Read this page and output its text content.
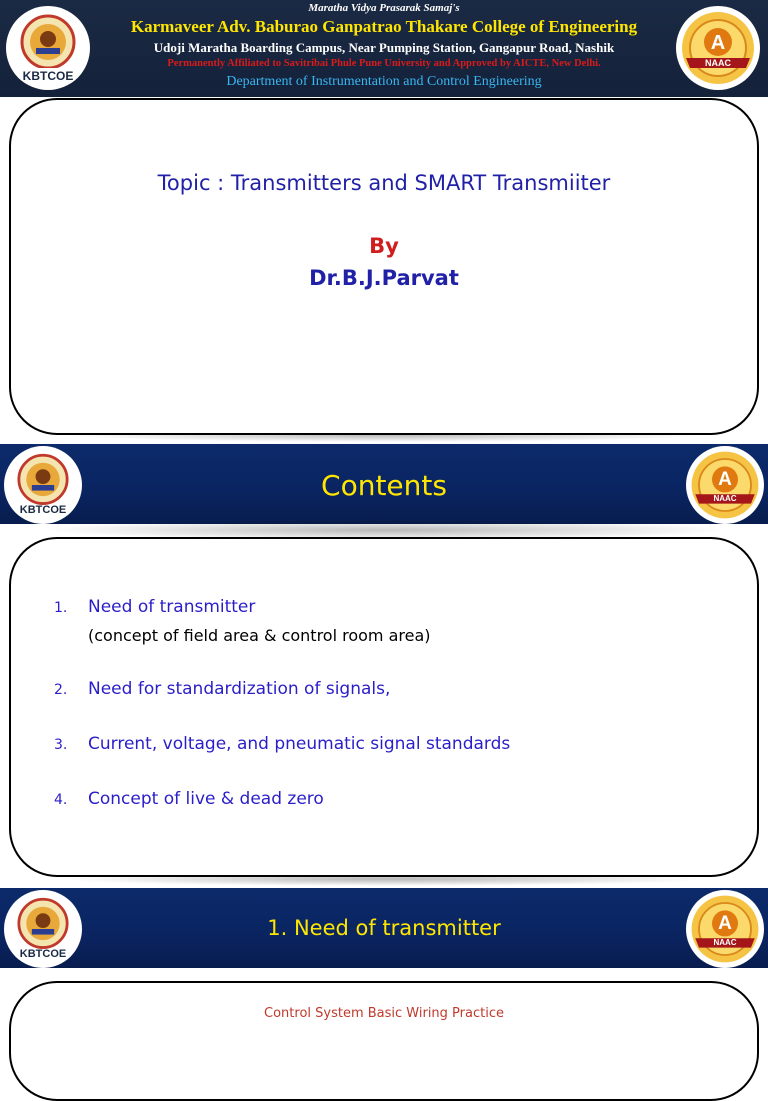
Maratha Vidya Prasarak Samaj's
Karmaveer Adv. Baburao Ganpatrao Thakare College of Engineering
Udoji Maratha Boarding Campus, Near Pumping Station, Gangapur Road, Nashik
Permanently Affiliated to Savitribai Phule Pune University and Approved by AICTE, New Delhi.
Department of Instrumentation and Control Engineering
KBTCOE
A
NAAC
Topic : Transmitters and SMART Transmiiter
By
Dr.B.J.Parvat
Contents
KBTCOE
A
NAAC
1. Need of transmitter
(concept of field area & control room area)
2. Need for standardization of signals,
3. Current, voltage, and pneumatic signal standards
4. Concept of live & dead zero
1. Need of transmitter
KBTCOE
A
NAAC
Control System Basic Wiring Practice
